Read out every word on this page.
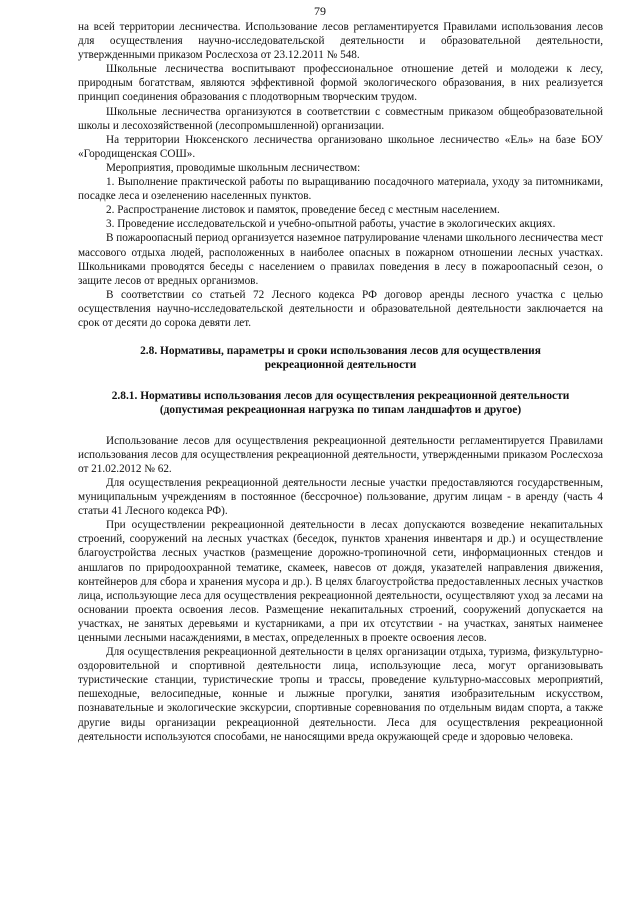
79

на всей территории лесничества. Использование лесов регламентируется Правилами использования лесов для осуществления научно-исследовательской деятельности и образовательной деятельности, утвержденными приказом Рослесхоза от 23.12.2011 № 548.

Школьные лесничества воспитывают профессиональное отношение детей и молодежи к лесу, природным богатствам, являются эффективной формой экологического образования, в них реализуется принцип соединения образования с плодотворным творческим трудом.

Школьные лесничества организуются в соответствии с совместным приказом общеобразовательной школы и лесохозяйственной (лесопромышленной) организации.

На территории Нюксенского лесничества организовано школьное лесничество «Ель» на базе БОУ «Городищенская СОШ».

Мероприятия, проводимые школьным лесничеством:

1. Выполнение практической работы по выращиванию посадочного материала, уходу за питомниками, посадке леса и озеленению населенных пунктов.

2. Распространение листовок и памяток, проведение бесед с местным населением.

3. Проведение исследовательской и учебно-опытной работы, участие в экологических акциях.

В пожароопасный период организуется наземное патрулирование членами школьного лесничества мест массового отдыха людей, расположенных в наиболее опасных в пожарном отношении лесных участках. Школьниками проводятся беседы с населением о правилах поведения в лесу в пожароопасный сезон, о защите лесов от вредных организмов.

В соответствии со статьей 72 Лесного кодекса РФ договор аренды лесного участка с целью осуществления научно-исследовательской деятельности и образовательной деятельности заключается на срок от десяти до сорока девяти лет.

2.8. Нормативы, параметры и сроки использования лесов для осуществления
рекреационной деятельности
2.8.1. Нормативы использования лесов для осуществления рекреационной деятельности
(допустимая рекреационная нагрузка по типам ландшафтов и другое)

Использование лесов для осуществления рекреационной деятельности регламентируется Правилами использования лесов для осуществления рекреационной деятельности, утвержденными приказом Рослесхоза от 21.02.2012 № 62.

Для осуществления рекреационной деятельности лесные участки предоставляются государственным, муниципальным учреждениям в постоянное (бессрочное) пользование, другим лицам - в аренду (часть 4 статьи 41 Лесного кодекса РФ).

При осуществлении рекреационной деятельности в лесах допускаются возведение некапитальных строений, сооружений на лесных участках (беседок, пунктов хранения инвентаря и др.) и осуществление благоустройства лесных участков (размещение дорожно-тропиночной сети, информационных стендов и аншлагов по природоохранной тематике, скамеек, навесов от дождя, указателей направления движения, контейнеров для сбора и хранения мусора и др.). В целях благоустройства предоставленных лесных участков лица, использующие леса для осуществления рекреационной деятельности, осуществляют уход за лесами на основании проекта освоения лесов. Размещение некапитальных строений, сооружений допускается на участках, не занятых деревьями и кустарниками, а при их отсутствии - на участках, занятых наименее ценными лесными насаждениями, в местах, определенных в проекте освоения лесов.

Для осуществления рекреационной деятельности в целях организации отдыха, туризма, физкультурно-оздоровительной и спортивной деятельности лица, использующие леса, могут организовывать туристические станции, туристические тропы и трассы, проведение культурно-массовых мероприятий, пешеходные, велосипедные, конные и лыжные прогулки, занятия изобразительным искусством, познавательные и экологические экскурсии, спортивные соревнования по отдельным видам спорта, а также другие виды организации рекреационной деятельности. Леса для осуществления рекреационной деятельности используются способами, не наносящими вреда окружающей среде и здоровью человека.
